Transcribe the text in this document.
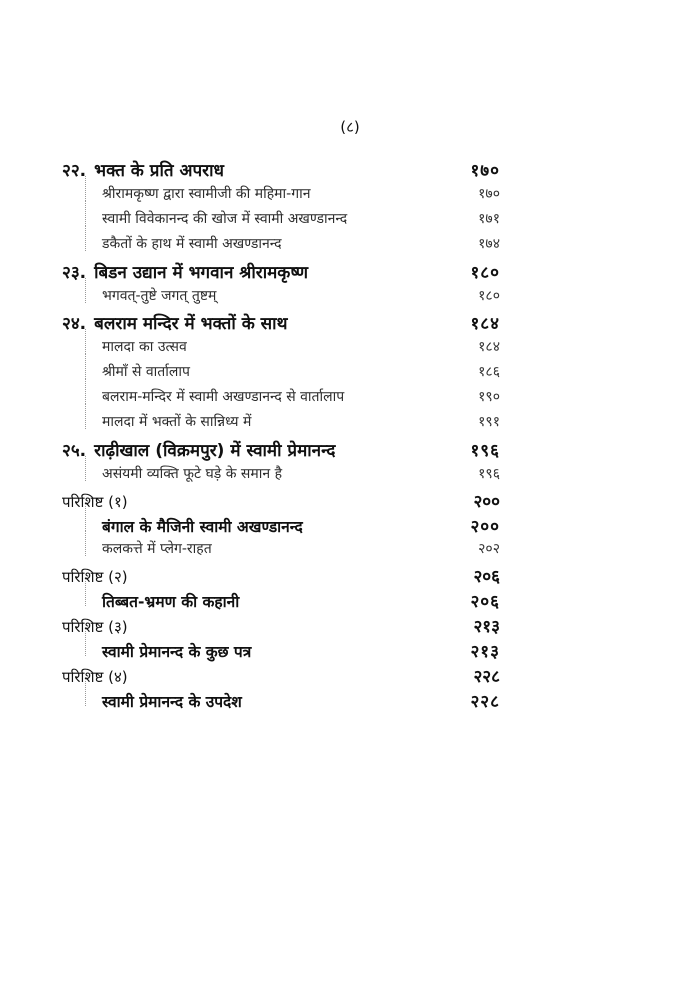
(८)
२२. भक्त के प्रति अपराध	१७०
श्रीरामकृष्ण द्वारा स्वामीजी की महिमा-गान	१७०
स्वामी विवेकानन्द की खोज में स्वामी अखण्डानन्द	१७१
डकैतों के हाथ में स्वामी अखण्डानन्द	१७४
२३. बिडन उद्यान में भगवान श्रीरामकृष्ण	१८०
भगवत्-तुष्टे जगत् तुष्टम्	१८०
२४. बलराम मन्दिर में भक्तों के साथ	१८४
मालदा का उत्सव	१८४
श्रीमाँ से वार्तालाप	१८६
बलराम-मन्दिर में स्वामी अखण्डानन्द से वार्तालाप	१९०
मालदा में भक्तों के सान्निध्य में	१९१
२५. राढ़ीखाल (विक्रमपुर) में स्वामी प्रेमानन्द	१९६
असंयमी व्यक्ति फूटे घड़े के समान है	१९६
परिशिष्ट (१)	२००
बंगाल के मैजिनी स्वामी अखण्डानन्द	२००
कलकत्ते में प्लेग-राहत	२०२
परिशिष्ट (२)	२०६
तिब्बत-भ्रमण की कहानी	२०६
परिशिष्ट (३)	२१३
स्वामी प्रेमानन्द के कुछ पत्र	२१३
परिशिष्ट (४)	२२८
स्वामी प्रेमानन्द के उपदेश	२२८
